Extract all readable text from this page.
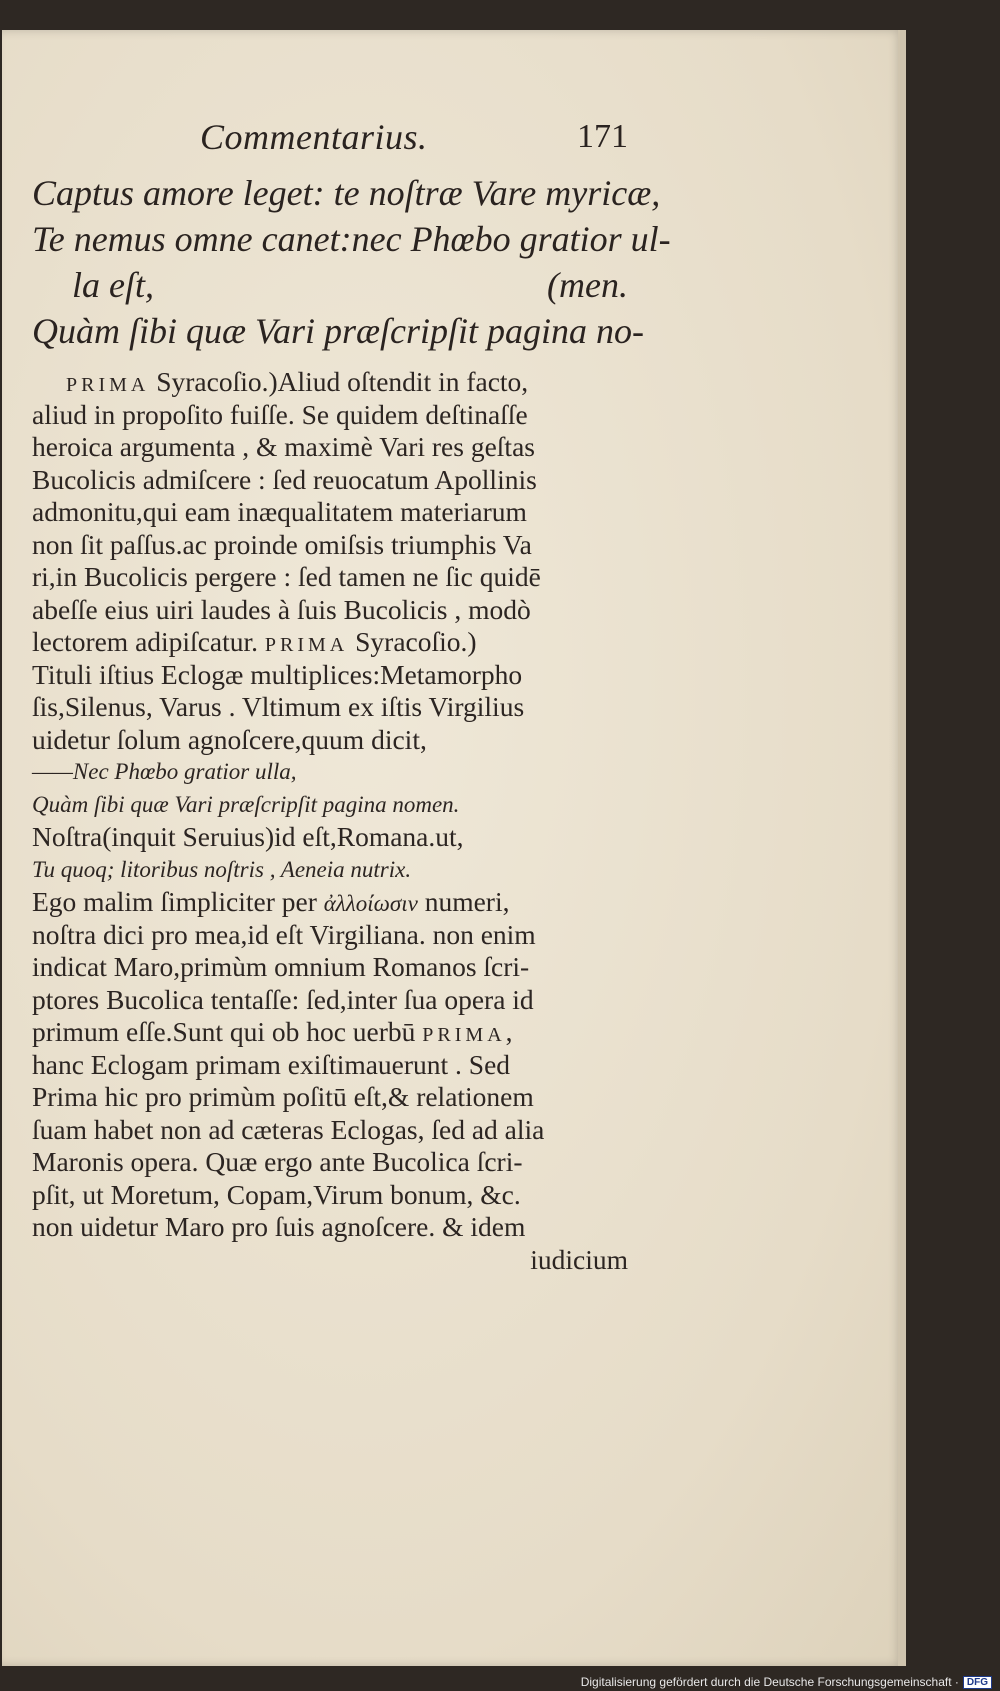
Commentarius.	171
Captus amore leget: te noſtræ Vare myricæ,
Te nemus omne canet:nec Phœbo gratior ul-
la eſt,	(men.
Quàm ſibi quæ Vari præſcripſit pagina no-
PRIMA Syracoſio.)Aliud oſtendit in facto,
aliud in propoſito fuiſſe. Se quidem deſtinaſſe
heroica argumenta , & maximè Vari res geſtas
Bucolicis admiſcere : ſed reuocatum Apollinis
admonitu,qui eam inæqualitatem materiarum
non ſit paſſus.ac proinde omiſsis triumphis Va
ri,in Bucolicis pergere : ſed tamen ne ſic quidē
abeſſe eius uiri laudes à ſuis Bucolicis , modò
lectorem adipiſcatur. PRIMA Syracoſio.)
Tituli iſtius Eclogæ multiplices:Metamorpho
ſis,Silenus, Varus . Vltimum ex iſtis Virgilius
uidetur ſolum agnoſcere,quum dicit,
——Nec Phœbo gratior ulla,
Quàm ſibi quæ Vari præſcripſit pagina nomen.
Noſtra(inquit Seruius)id eſt,Romana.ut,
Tu quoq; litoribus noſtris , Aeneia nutrix.
Ego malim ſimpliciter per ἀλλοίωσιν numeri,
noſtra dici pro mea,id eſt Virgiliana. non enim
indicat Maro,primùm omnium Romanos ſcri-
ptores Bucolica tentaſſe: ſed,inter ſua opera id
primum eſſe.Sunt qui ob hoc uerbū PRIMA,
hanc Eclogam primam exiſtimauerunt . Sed
Prima hic pro primùm poſitū eſt,& relationem
ſuam habet non ad cæteras Eclogas, ſed ad alia
Maronis opera. Quæ ergo ante Bucolica ſcri-
pſit, ut Moretum, Copam,Virum bonum, &c.
non uidetur Maro pro ſuis agnoſcere. & idem
iudicium
Digitalisierung gefördert durch die Deutsche Forschungsgemeinschaft · DFG
